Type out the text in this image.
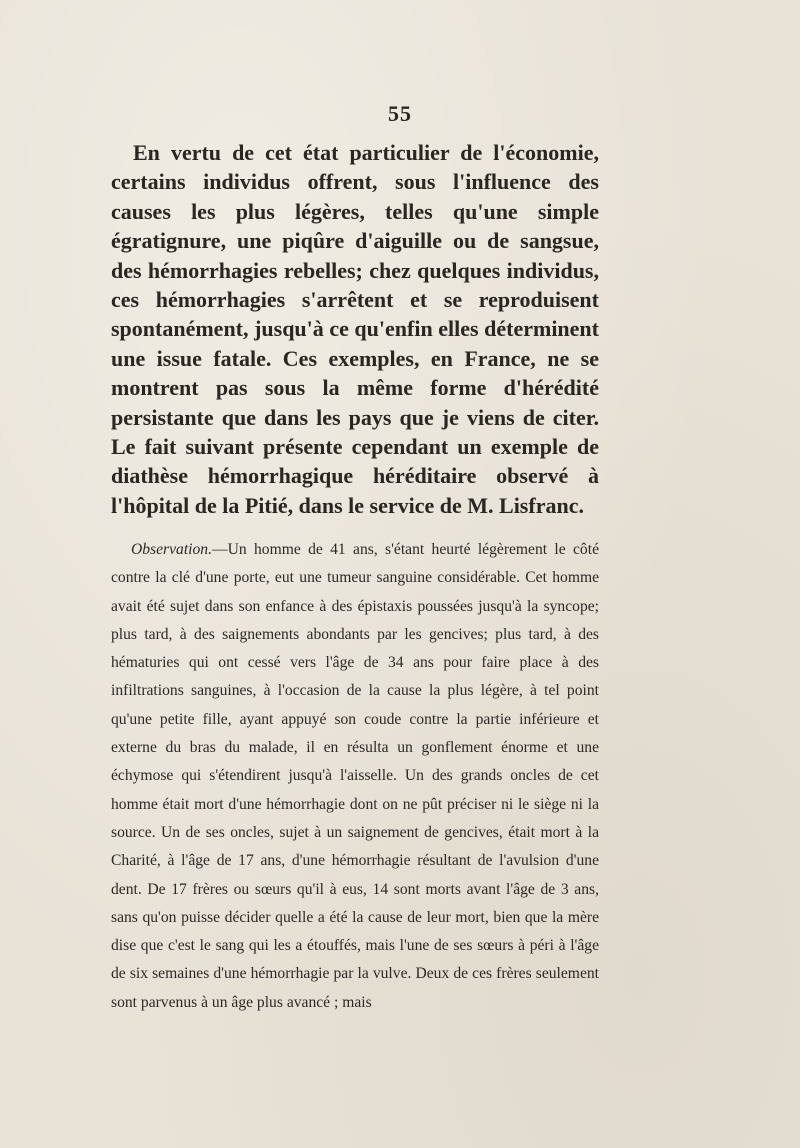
55

En vertu de cet état particulier de l'économie, certains individus offrent, sous l'influence des causes les plus légères, telles qu'une simple égratignure, une piqûre d'aiguille ou de sangsue, des hémorrhagies rebelles; chez quelques individus, ces hémorrhagies s'arrêtent et se reproduisent spontanément, jusqu'à ce qu'enfin elles déterminent une issue fatale. Ces exemples, en France, ne se montrent pas sous la même forme d'hérédité persistante que dans les pays que je viens de citer. Le fait suivant présente cependant un exemple de diathèse hémorrhagique héréditaire observé à l'hôpital de la Pitié, dans le service de M. Lisfranc.

Observation.—Un homme de 41 ans, s'étant heurté légèrement le côté contre la clé d'une porte, eut une tumeur sanguine considérable. Cet homme avait été sujet dans son enfance à des épistaxis poussées jusqu'à la syncope; plus tard, à des saignements abondants par les gencives; plus tard, à des hématuries qui ont cessé vers l'âge de 34 ans pour faire place à des infiltrations sanguines, à l'occasion de la cause la plus légère, à tel point qu'une petite fille, ayant appuyé son coude contre la partie inférieure et externe du bras du malade, il en résulta un gonflement énorme et une échymose qui s'étendirent jusqu'à l'aisselle. Un des grands oncles de cet homme était mort d'une hémorrhagie dont on ne pût préciser ni le siège ni la source. Un de ses oncles, sujet à un saignement de gencives, était mort à la Charité, à l'âge de 17 ans, d'une hémorrhagie résultant de l'avulsion d'une dent. De 17 frères ou sœurs qu'il à eus, 14 sont morts avant l'âge de 3 ans, sans qu'on puisse décider quelle a été la cause de leur mort, bien que la mère dise que c'est le sang qui les a étouffés, mais l'une de ses sœurs à péri à l'âge de six semaines d'une hémorrhagie par la vulve. Deux de ces frères seulement sont parvenus à un âge plus avancé ; mais
